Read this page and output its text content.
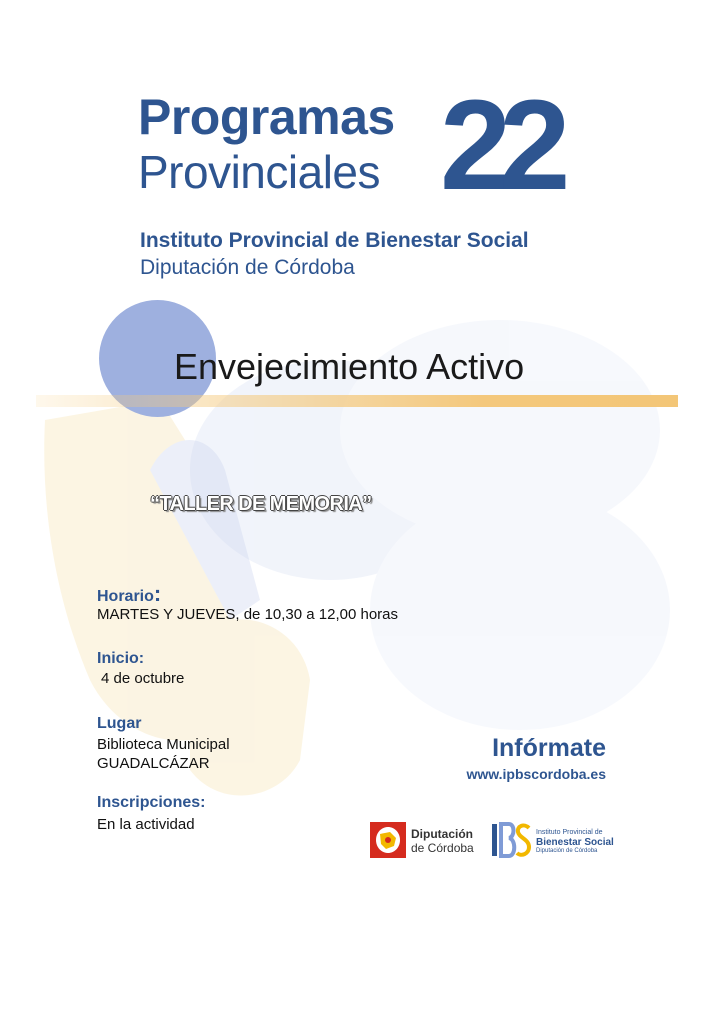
Programas
Provinciales 22
Instituto Provincial de Bienestar Social
Diputación de Córdoba
Envejecimiento Activo
“TALLER DE MEMORIA”
Horario:
MARTES Y JUEVES, de 10,30 a 12,00 horas
Inicio:
4 de octubre
Lugar
Biblioteca Municipal
GUADALCÁZAR
Inscripciones:
En la actividad
Infórmate
www.ipbscordoba.es
Diputación
de Córdoba
Instituto Provincial de
Bienestar Social
Diputación de Córdoba
